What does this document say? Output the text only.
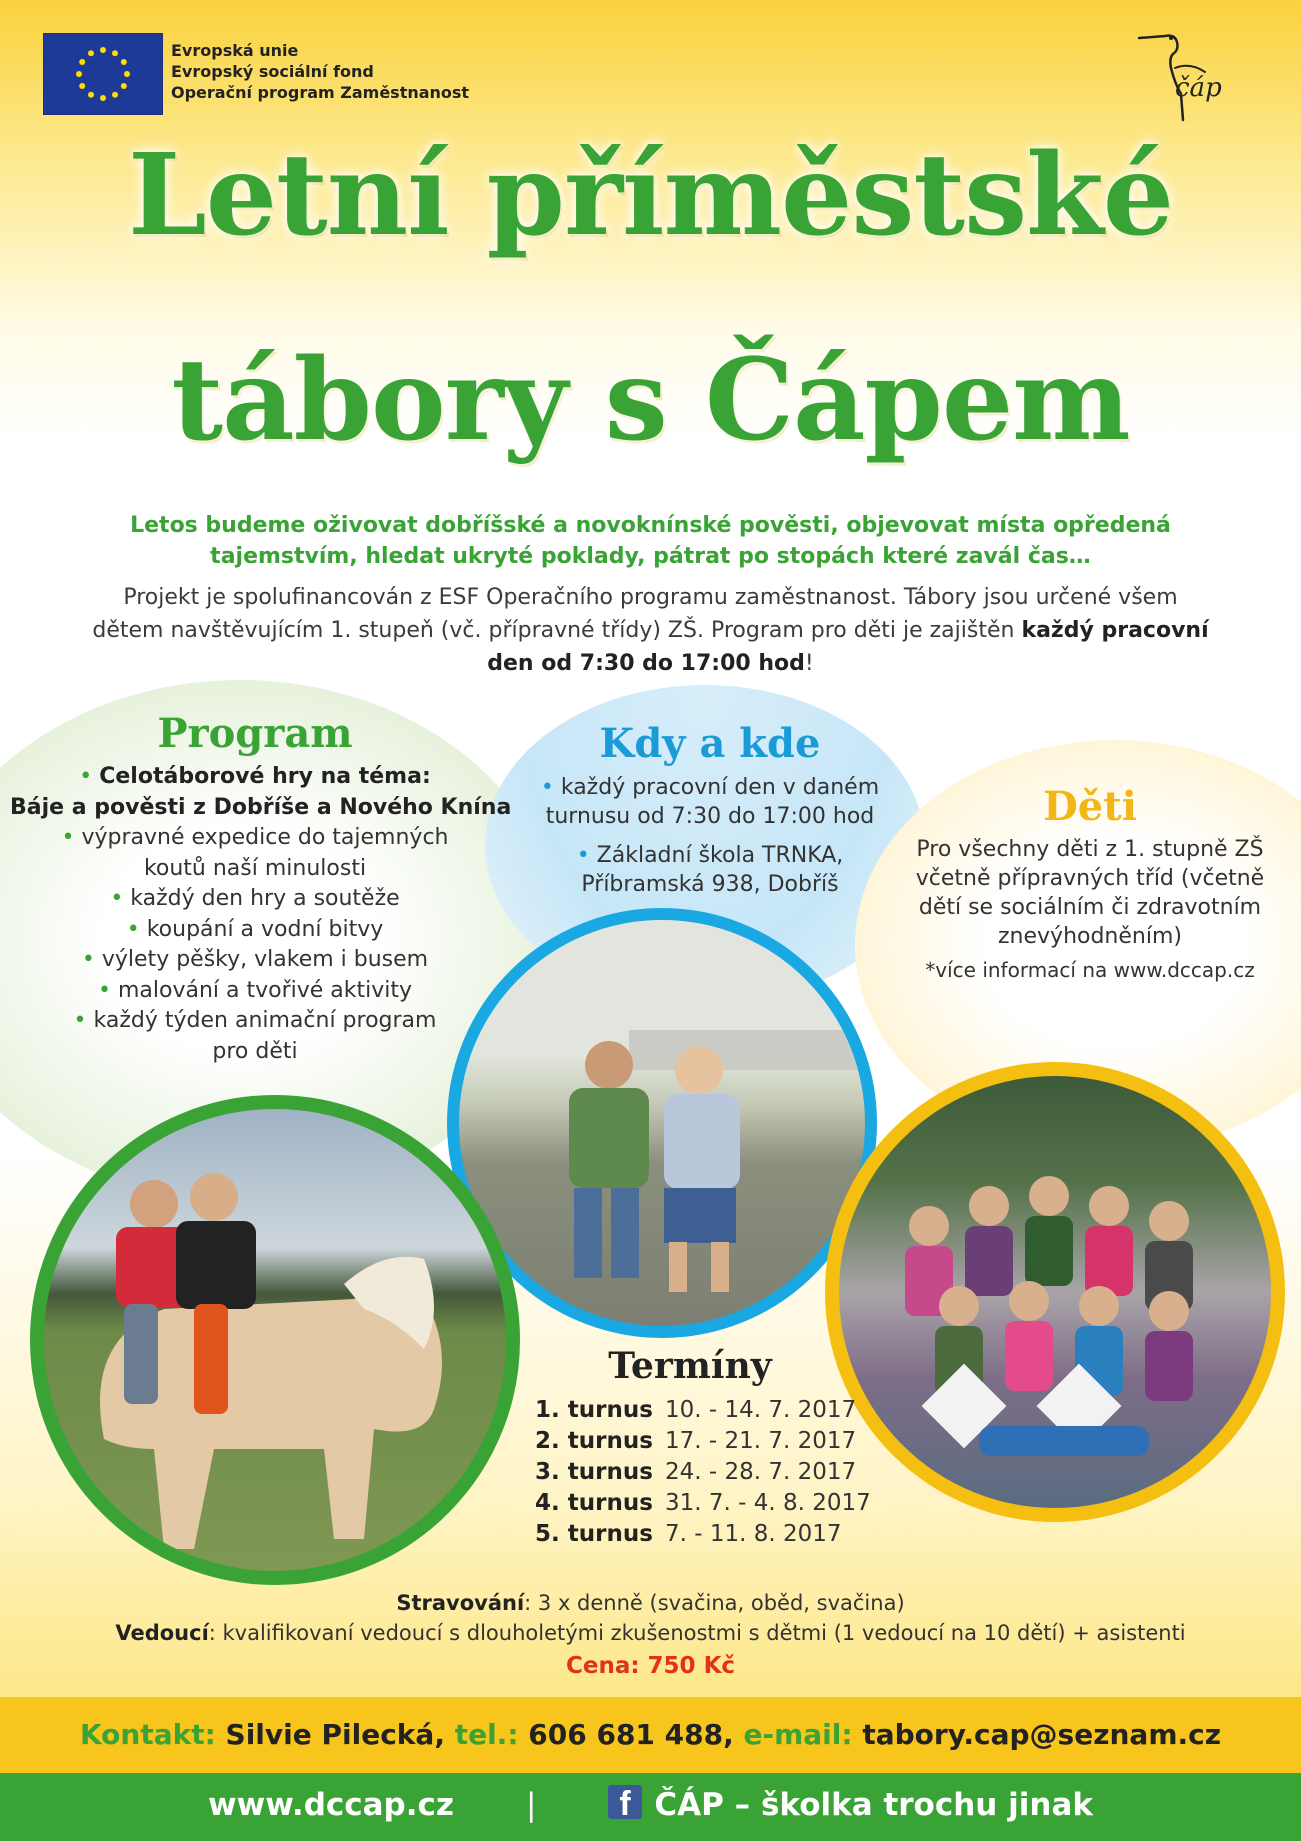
Evropská unie
Evropský sociální fond
Operační program Zaměstnanost	čáp
Letní příměstské
tábory s Čápem
Letos budeme oživovat dobříšské a novoknínské pověsti, objevovat místa opředená
tajemstvím, hledat ukryté poklady, pátrat po stopách které zavál čas…
Projekt je spolufinancován z ESF Operačního programu zaměstnanost. Tábory jsou určené všem
dětem navštěvujícím 1. stupeň (vč. přípravné třídy) ZŠ. Program pro děti je zajištěn každý pracovní
den od 7:30 do 17:00 hod!
Program
• Celotáborové hry na téma:
Báje a pověsti z Dobříše a Nového Knína
• výpravné expedice do tajemných
koutů naší minulosti
• každý den hry a soutěže
• koupání a vodní bitvy
• výlety pěšky, vlakem i busem
• malování a tvořivé aktivity
• každý týden animační program
pro děti
Kdy a kde
• každý pracovní den v daném
turnusu od 7:30 do 17:00 hod
• Základní škola TRNKA,
Příbramská 938, Dobříš
Děti
Pro všechny děti z 1. stupně ZŠ
včetně přípravných tříd (včetně
dětí se sociálním či zdravotním
znevýhodněním)
*více informací na www.dccap.cz
Termíny
1. turnus	10. - 14. 7. 2017
2. turnus	17. - 21. 7. 2017
3. turnus	24. - 28. 7. 2017
4. turnus	31. 7. - 4. 8. 2017
5. turnus	7. - 11. 8. 2017
Stravování: 3 x denně (svačina, oběd, svačina)
Vedoucí: kvalifikovaní vedoucí s dlouholetými zkušenostmi s dětmi (1 vedoucí na 10 dětí) + asistenti
Cena: 750 Kč
Kontakt: Silvie Pilecká, tel.: 606 681 488, e-mail: tabory.cap@seznam.cz
www.dccap.cz | f ČÁP – školka trochu jinak
